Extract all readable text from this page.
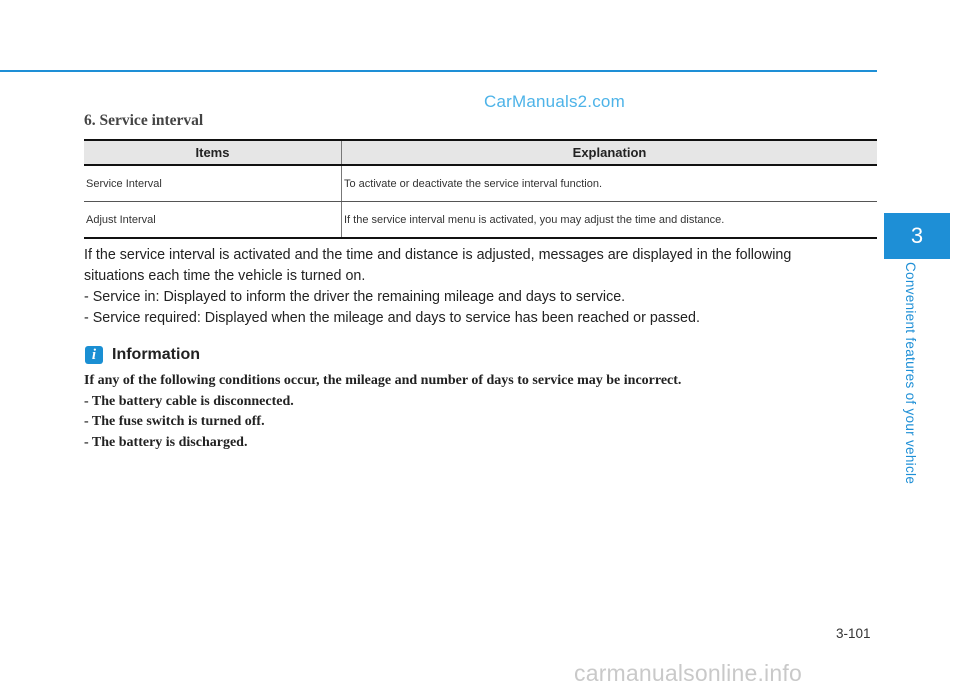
CarManuals2.com
6. Service interval
Items	Explanation
Service Interval	To activate or deactivate the service interval function.
Adjust Interval	If the service interval menu is activated, you may adjust the time and distance.

If the service interval is activated and the time and distance is adjusted, messages are displayed in the following

situations each time the vehicle is turned on.

- Service in: Displayed to inform the driver the remaining mileage and days to service.

- Service required: Displayed when the mileage and days to service has been reached or passed.

i Information

If any of the following conditions occur, the mileage and number of days to service may be incorrect.

- The battery cable is disconnected.

- The fuse switch is turned off.

- The battery is discharged.

3
Convenient features of your vehicle
3-101
carmanualsonline.info
